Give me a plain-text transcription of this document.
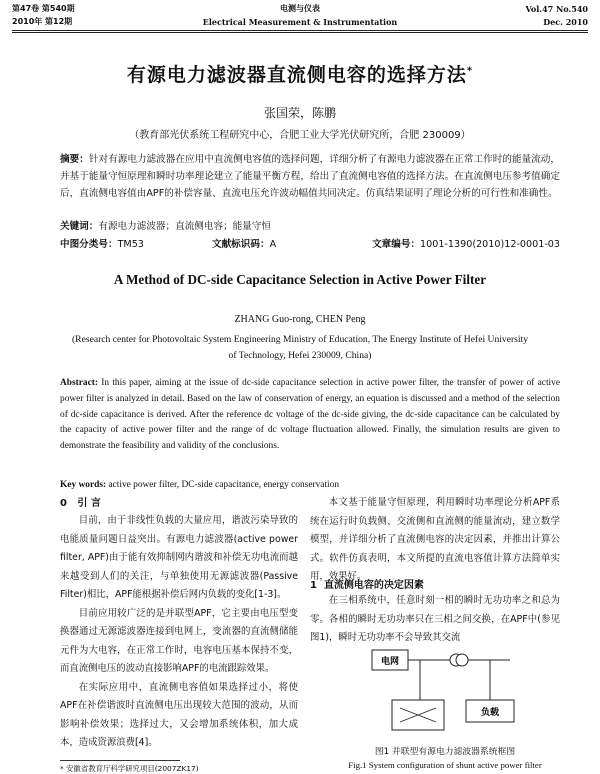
第47卷 第540期
2010年 第12期
电测与仪表
Electrical Measurement & Instrumentation
Vol.47 No.540
Dec. 2010
有源电力滤波器直流侧电容的选择方法*
张国荣，陈鹏
（教育部光伏系统工程研究中心，合肥工业大学光伏研究所，合肥 230009）
摘要：针对有源电力滤波器在应用中直流侧电容值的选择问题，详细分析了有源电力滤波器在正常工作时的能量流动，并基于能量守恒原理和瞬时功率理论建立了能量平衡方程，给出了直流侧电容值的选择方法。在直流侧电压参考值确定后，直流侧电容值由APF的补偿容量、直流电压允许波动幅值共同决定。仿真结果证明了理论分析的可行性和准确性。
关键词：有源电力滤波器；直流侧电容；能量守恒
中图分类号：TM53	文献标识码：A	文章编号：1001-1390(2010)12-0001-03
A Method of DC-side Capacitance Selection in Active Power Filter
ZHANG Guo-rong, CHEN Peng
(Research center for Photovoltaic System Engineering Ministry of Education, The Energy Institute of Hefei University
of Technology, Hefei 230009, China)
Abstract: In this paper, aiming at the issue of dc-side capacitance selection in active power filter, the transfer of power of active power filter is analyzed in detail. Based on the law of conservation of energy, an equation is discussed and a method of the selection of dc-side capacitance is derived. After the reference dc voltage of the dc-side giving, the dc-side capacitance can be calculated by the capacity of active power filter and the range of dc voltage fluctuation allowed. Finally, the simulation results are given to demonstrate the feasibility and validity of the conclusions.
Key words: active power filter, DC-side capacitance, energy conservation
0 引 言

目前，由于非线性负载的大量应用，谐波污染导致的电能质量问题日益突出。有源电力滤波器(active power filter, APF)由于能有效抑制网内谐波和补偿无功电流而越来越受到人们的关注，与单独使用无源滤波器(Passive Filter)相比，APF能根据补偿后网内负载的变化[1-3]。

目前应用较广泛的是并联型APF，它主要由电压型变换器通过无源滤波器连接到电网上，变流器的直流侧储能元件为大电容，在正常工作时，电容电压基本保持不变，而直流侧电压的波动直接影响APF的电流跟踪效果。

在实际应用中，直流侧电容值如果选择过小，将使APF在补偿谐波时直流侧电压出现较大范围的波动，从而影响补偿效果；选择过大，又会增加系统体积，加大成本，造成资源浪费[4]。

本文基于能量守恒原理，利用瞬时功率理论分析APF系统在运行时负载侧、交流侧和直流侧的能量流动，建立数学模型，并详细分析了直流侧电容的决定因素，并推出计算公式。软件仿真表明，本文所提的直流电容值计算方法简单实用，效果好。

1 直流侧电容的决定因素

在三相系统中，任意时刻一相的瞬时无功功率之和总为零。各相的瞬时无功功率只在三相之间交换，在APF中(参见图1)，瞬时无功功率不会导致其交流

电网
负载
图1 并联型有源电力滤波器系统框图
Fig.1 System configuration of shunt active power filter
* 安徽省教育厅科学研究项目(2007ZK17)
